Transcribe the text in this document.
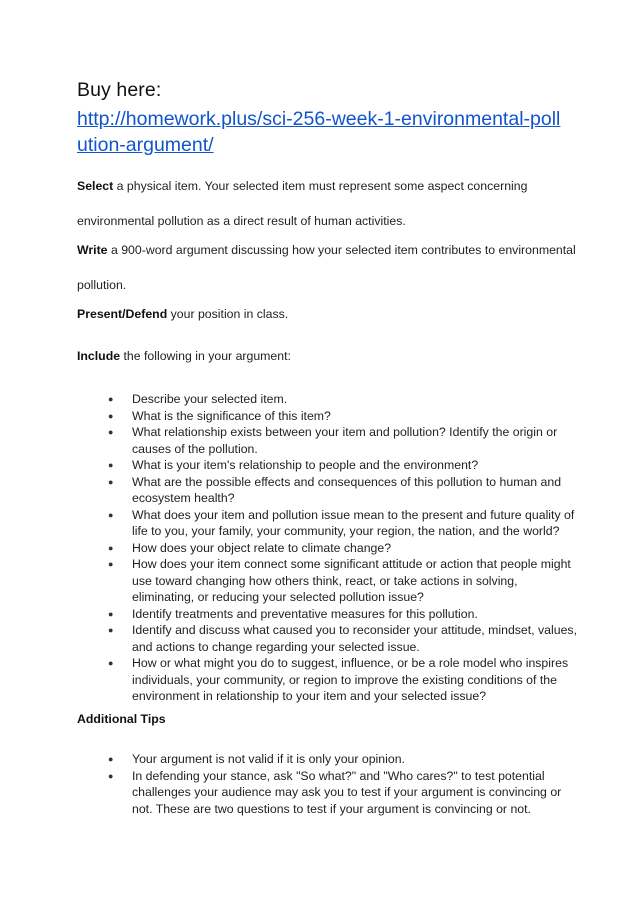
Buy here:
http://homework.plus/sci-256-week-1-environmental-poll
ution-argument/
Select a physical item. Your selected item must represent some aspect concerning
environmental pollution as a direct result of human activities.
Write a 900-word argument discussing how your selected item contributes to environmental
pollution.
Present/Defend your position in class.
Include the following in your argument:
● Describe your selected item.
● What is the significance of this item?
● What relationship exists between your item and pollution? Identify the origin or
causes of the pollution.
● What is your item's relationship to people and the environment?
● What are the possible effects and consequences of this pollution to human and
ecosystem health?
● What does your item and pollution issue mean to the present and future quality of
life to you, your family, your community, your region, the nation, and the world?
● How does your object relate to climate change?
● How does your item connect some significant attitude or action that people might
use toward changing how others think, react, or take actions in solving,
eliminating, or reducing your selected pollution issue?
● Identify treatments and preventative measures for this pollution.
● Identify and discuss what caused you to reconsider your attitude, mindset, values,
and actions to change regarding your selected issue.
● How or what might you do to suggest, influence, or be a role model who inspires
individuals, your community, or region to improve the existing conditions of the
environment in relationship to your item and your selected issue?
Additional Tips
● Your argument is not valid if it is only your opinion.
● In defending your stance, ask "So what?" and "Who cares?" to test potential
challenges your audience may ask you to test if your argument is convincing or
not. These are two questions to test if your argument is convincing or not.
